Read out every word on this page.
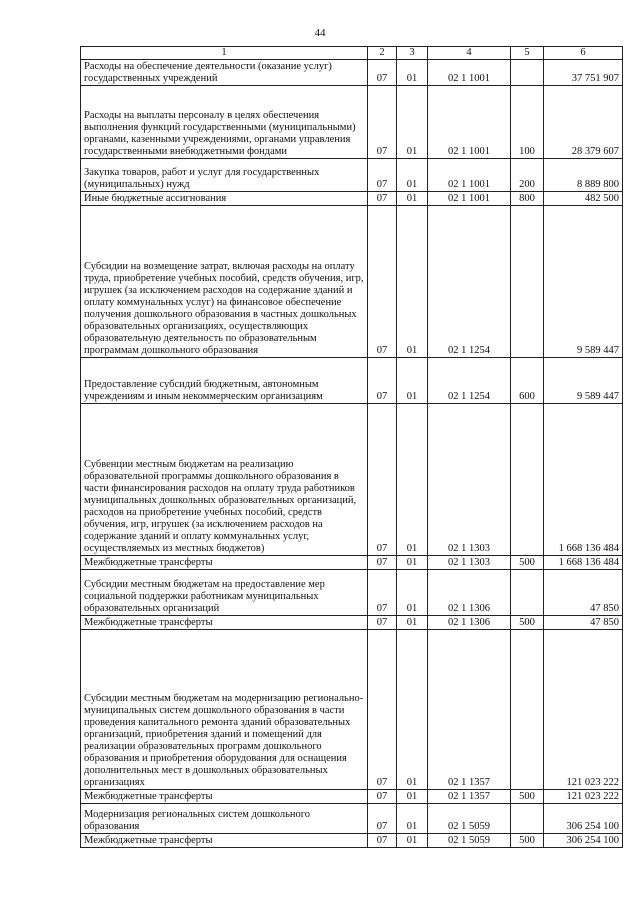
44
1	2	3	4	5	6
Расходы на обеспечение деятельности (оказание услуг) государственных учреждений	07	01	02 1 1001		37 751 907
Расходы на выплаты персоналу в целях обеспечения выполнения функций государственными (муниципальными) органами, казенными учреждениями, органами управления государственными внебюджетными фондами	07	01	02 1 1001	100	28 379 607
Закупка товаров, работ и услуг для государственных (муниципальных) нужд	07	01	02 1 1001	200	8 889 800
Иные бюджетные ассигнования	07	01	02 1 1001	800	482 500
Субсидии на возмещение затрат, включая расходы на оплату труда, приобретение учебных пособий, средств обучения, игр, игрушек (за исключением расходов на содержание зданий и оплату коммунальных услуг) на финансовое обеспечение получения дошкольного образования в частных дошкольных образовательных организациях, осуществляющих образовательную деятельность по образовательным программам дошкольного образования	07	01	02 1 1254		9 589 447
Предоставление субсидий бюджетным, автономным учреждениям и иным некоммерческим организациям	07	01	02 1 1254	600	9 589 447
Субвенции местным бюджетам на реализацию образовательной программы дошкольного образования в части финансирования расходов на оплату труда работников муниципальных дошкольных образовательных организаций, расходов на приобретение учебных пособий, средств обучения, игр, игрушек (за исключением расходов на содержание зданий и оплату коммунальных услуг, осуществляемых из местных бюджетов)	07	01	02 1 1303		1 668 136 484
Межбюджетные трансферты	07	01	02 1 1303	500	1 668 136 484
Субсидии местным бюджетам на предоставление мер социальной поддержки работникам муниципальных образовательных организаций	07	01	02 1 1306		47 850
Межбюджетные трансферты	07	01	02 1 1306	500	47 850
Субсидии местным бюджетам на модернизацию регионально-муниципальных систем дошкольного образования в части проведения капитального ремонта зданий образовательных организаций, приобретения зданий и помещений для реализации образовательных программ дошкольного образования и приобретения оборудования для оснащения дополнительных мест в дошкольных образовательных организациях	07	01	02 1 1357		121 023 222
Межбюджетные трансферты	07	01	02 1 1357	500	121 023 222
Модернизация региональных систем дошкольного образования	07	01	02 1 5059		306 254 100
Межбюджетные трансферты	07	01	02 1 5059	500	306 254 100
